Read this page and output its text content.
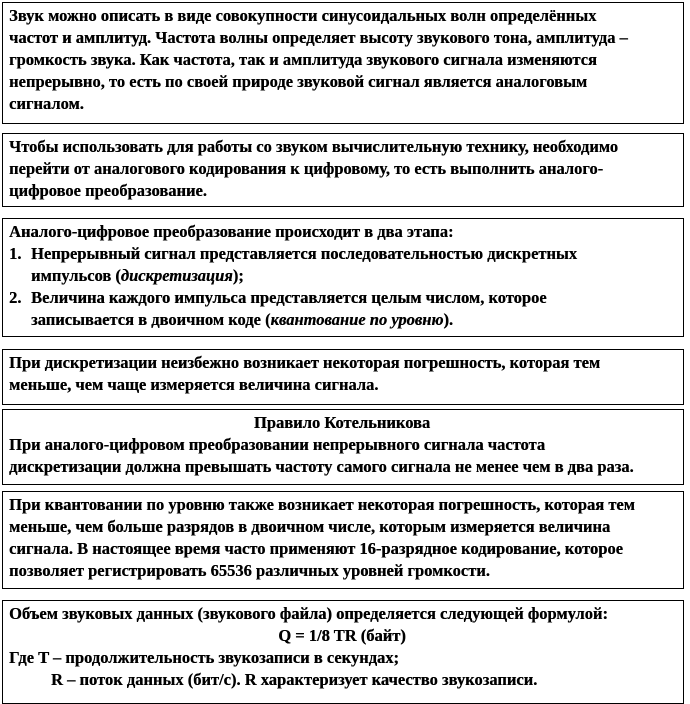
Звук можно описать в виде совокупности синусоидальных волн определённых
частот и амплитуд. Частота волны определяет высоту звукового тона, амплитуда –
громкость звука. Как частота, так и амплитуда звукового сигнала изменяются
непрерывно, то есть по своей природе звуковой сигнал является аналоговым
сигналом.
Чтобы использовать для работы со звуком вычислительную технику, необходимо
перейти от аналогового кодирования к цифровому, то есть выполнить аналого-
цифровое преобразование.
Аналого-цифровое преобразование происходит в два этапа:
1. Непрерывный сигнал представляется последовательностью дискретных
импульсов (дискретизация);
2. Величина каждого импульса представляется целым числом, которое
записывается в двоичном коде (квантование по уровню).
При дискретизации неизбежно возникает некоторая погрешность, которая тем
меньше, чем чаще измеряется величина сигнала.
Правило Котельникова
При аналого-цифровом преобразовании непрерывного сигнала частота
дискретизации должна превышать частоту самого сигнала не менее чем в два раза.
При квантовании по уровню также возникает некоторая погрешность, которая тем
меньше, чем больше разрядов в двоичном числе, которым измеряется величина
сигнала. В настоящее время часто применяют 16-разрядное кодирование, которое
позволяет регистрировать 65536 различных уровней громкости.
Объем звуковых данных (звукового файла) определяется следующей формулой:
Q = 1/8 TR (байт)
Где T – продолжительность звукозаписи в секундах;
R – поток данных (бит/с). R характеризует качество звукозаписи.
